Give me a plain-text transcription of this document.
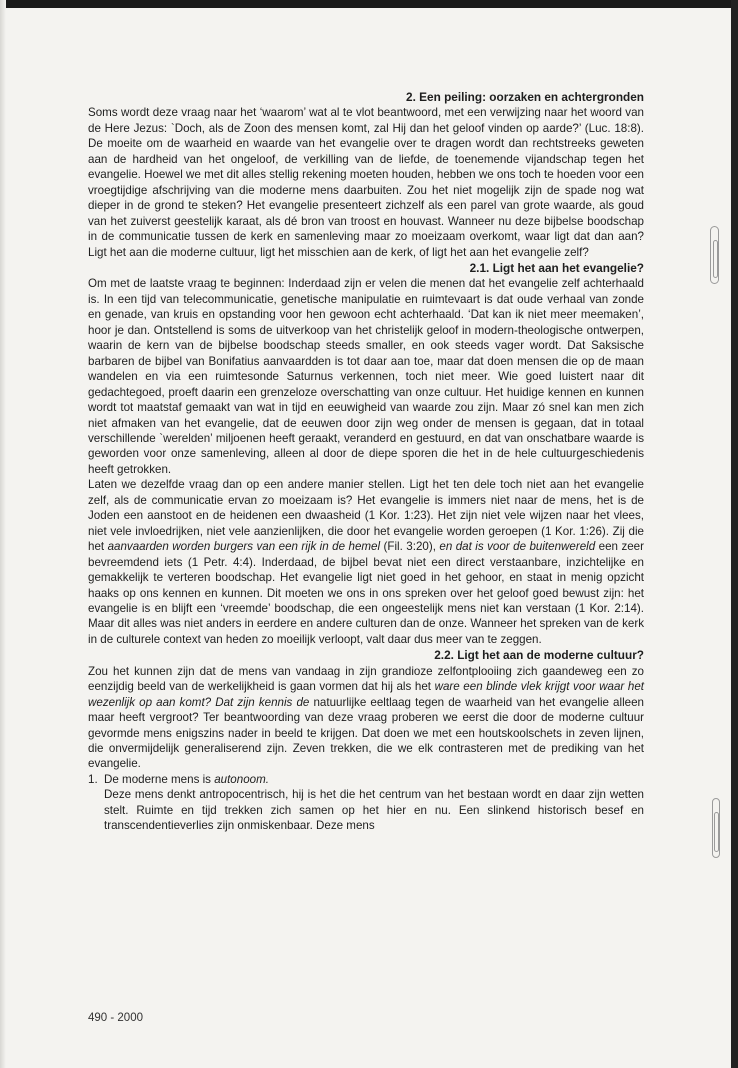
2. Een peiling: oorzaken en achtergronden

Soms wordt deze vraag naar het ‘waarom’ wat al te vlot beantwoord, met een verwijzing naar het woord van de Here Jezus: `Doch, als de Zoon des mensen komt, zal Hij dan het geloof vinden op aarde?’ (Luc. 18:8). De moeite om de waarheid en waarde van het evangelie over te dragen wordt dan rechtstreeks geweten aan de hardheid van het ongeloof, de verkilling van de liefde, de toenemende vijandschap tegen het evangelie. Hoewel we met dit alles stellig rekening moeten houden, hebben we ons toch te hoeden voor een vroegtijdige afschrijving van die moderne mens daarbuiten. Zou het niet mogelijk zijn de spade nog wat dieper in de grond te steken? Het evangelie presenteert zichzelf als een parel van grote waarde, als goud van het zuiverst geestelijk karaat, als dé bron van troost en houvast. Wanneer nu deze bijbelse boodschap in de communicatie tussen de kerk en samenleving maar zo moeizaam overkomt, waar ligt dat dan aan? Ligt het aan die moderne cultuur, ligt het misschien aan de kerk, of ligt het aan het evangelie zelf?

2.1. Ligt het aan het evangelie?

Om met de laatste vraag te beginnen: Inderdaad zijn er velen die menen dat het evangelie zelf achterhaald is. In een tijd van telecommunicatie, genetische manipulatie en ruimtevaart is dat oude verhaal van zonde en genade, van kruis en opstanding voor hen gewoon echt achterhaald. ‘Dat kan ik niet meer meemaken’, hoor je dan. Ontstellend is soms de uitverkoop van het christelijk geloof in modern-theologische ontwerpen, waarin de kern van de bijbelse boodschap steeds smaller, en ook steeds vager wordt. Dat Saksische barbaren de bijbel van Bonifatius aanvaardden is tot daar aan toe, maar dat doen mensen die op de maan wandelen en via een ruimtesonde Saturnus verkennen, toch niet meer. Wie goed luistert naar dit gedachtegoed, proeft daarin een grenzeloze overschatting van onze cultuur. Het huidige kennen en kunnen wordt tot maatstaf gemaakt van wat in tijd en eeuwigheid van waarde zou zijn. Maar zó snel kan men zich niet afmaken van het evangelie, dat de eeuwen door zijn weg onder de mensen is gegaan, dat in totaal verschillende `werelden’ miljoenen heeft geraakt, veranderd en gestuurd, en dat van onschatbare waarde is geworden voor onze samenleving, alleen al door de diepe sporen die het in de hele cultuurgeschiedenis heeft getrokken.

Laten we dezelfde vraag dan op een andere manier stellen. Ligt het ten dele toch niet aan het evangelie zelf, als de communicatie ervan zo moeizaam is? Het evangelie is immers niet naar de mens, het is de Joden een aanstoot en de heidenen een dwaasheid (1 Kor. 1:23). Het zijn niet vele wijzen naar het vlees, niet vele invloedrijken, niet vele aanzienlijken, die door het evangelie worden geroepen (1 Kor. 1:26). Zij die het aanvaarden worden burgers van een rijk in de hemel (Fil. 3:20), en dat is voor de buitenwereld een zeer bevreemdend iets (1 Petr. 4:4). Inderdaad, de bijbel bevat niet een direct verstaanbare, inzichtelijke en gemakkelijk te verteren boodschap. Het evangelie ligt niet goed in het gehoor, en staat in menig opzicht haaks op ons kennen en kunnen. Dit moeten we ons in ons spreken over het geloof goed bewust zijn: het evangelie is en blijft een ‘vreemde’ boodschap, die een ongeestelijk mens niet kan verstaan (1 Kor. 2:14). Maar dit alles was niet anders in eerdere en andere culturen dan de onze. Wanneer het spreken van de kerk in de culturele context van heden zo moeilijk verloopt, valt daar dus meer van te zeggen.

2.2. Ligt het aan de moderne cultuur?

Zou het kunnen zijn dat de mens van vandaag in zijn grandioze zelfontplooiing zich gaandeweg een zo eenzijdig beeld van de werkelijkheid is gaan vormen dat hij als het ware een blinde vlek krijgt voor waar het wezenlijk op aan komt? Dat zijn kennis de natuurlijke eeltlaag tegen de waarheid van het evangelie alleen maar heeft vergroot? Ter beantwoording van deze vraag proberen we eerst die door de moderne cultuur gevormde mens enigszins nader in beeld te krijgen. Dat doen we met een houtskoolschets in zeven lijnen, die onvermijdelijk generaliserend zijn. Zeven trekken, die we elk contrasteren met de prediking van het evangelie.

1. De moderne mens is autonoom.

Deze mens denkt antropocentrisch, hij is het die het centrum van het bestaan wordt en daar zijn wetten stelt. Ruimte en tijd trekken zich samen op het hier en nu. Een slinkend historisch besef en transcendentieverlies zijn onmiskenbaar. Deze mens

490 - 2000
